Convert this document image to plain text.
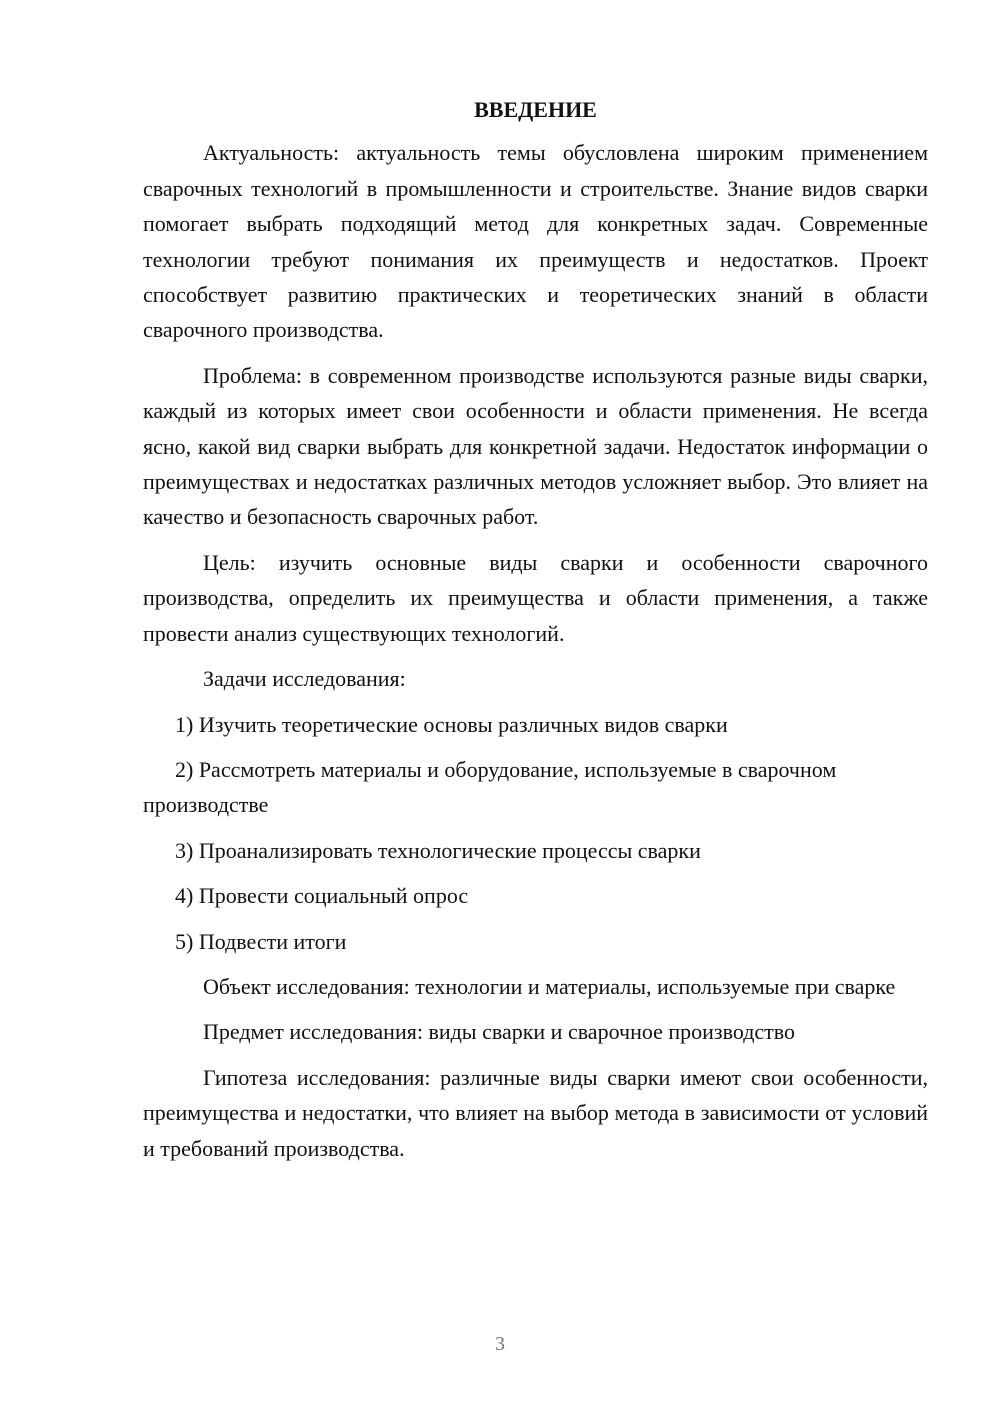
ВВЕДЕНИЕ

Актуальность: актуальность темы обусловлена широким применением сварочных технологий в промышленности и строительстве. Знание видов сварки помогает выбрать подходящий метод для конкретных задач. Современные технологии требуют понимания их преимуществ и недостатков. Проект способствует развитию практических и теоретических знаний в области сварочного производства.

Проблема: в современном производстве используются разные виды сварки, каждый из которых имеет свои особенности и области применения. Не всегда ясно, какой вид сварки выбрать для конкретной задачи. Недостаток информации о преимуществах и недостатках различных методов усложняет выбор. Это влияет на качество и безопасность сварочных работ.

Цель: изучить основные виды сварки и особенности сварочного производства, определить их преимущества и области применения, а также провести анализ существующих технологий.

Задачи исследования:

1) Изучить теоретические основы различных видов сварки

2) Рассмотреть материалы и оборудование, используемые в сварочном производстве

3) Проанализировать технологические процессы сварки

4) Провести социальный опрос

5) Подвести итоги

Объект исследования: технологии и материалы, используемые при сварке

Предмет исследования: виды сварки и сварочное производство

Гипотеза исследования: различные виды сварки имеют свои особенности, преимущества и недостатки, что влияет на выбор метода в зависимости от условий и требований производства.

3
